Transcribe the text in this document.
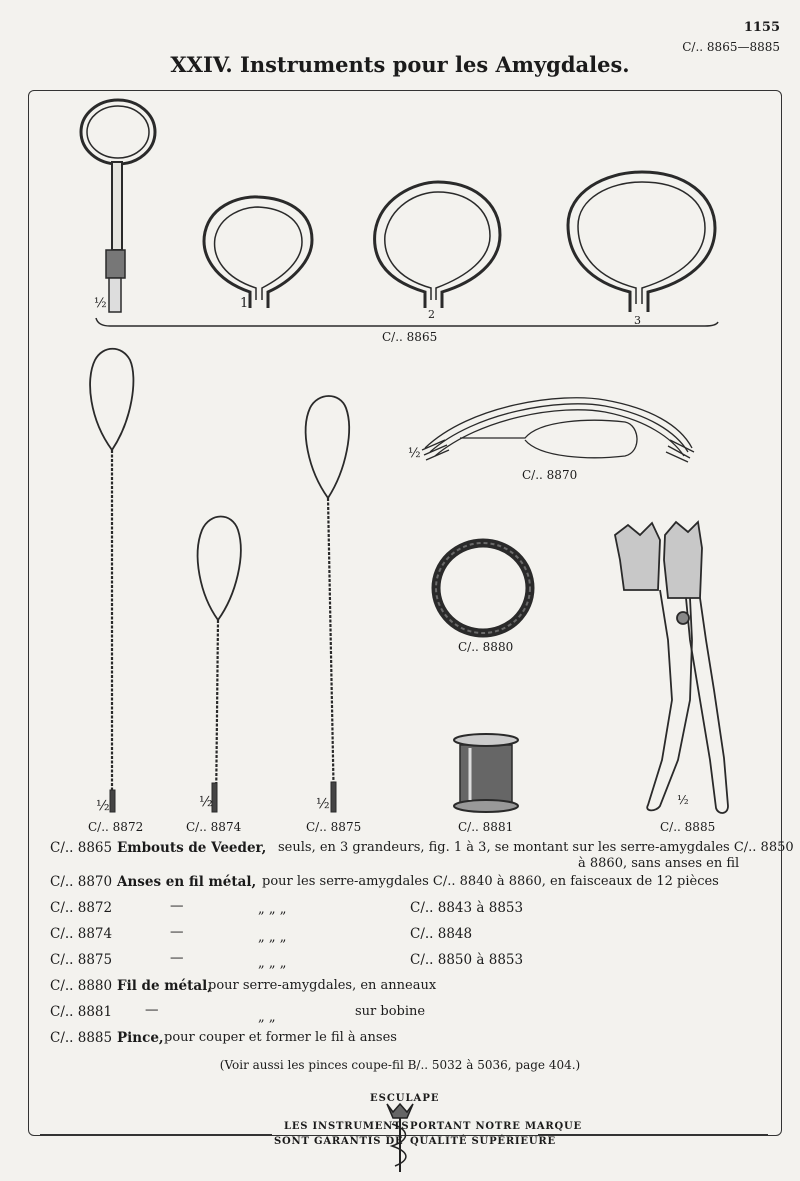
1155
C/.. 8865—8885
XXIV. Instruments pour les Amygdales.
½	1
2	3
C/.. 8865
½
C/.. 8870
C/.. 8880
½	½	½	½
C/.. 8872	C/.. 8874	C/.. 8875	C/.. 8881	C/.. 8885
C/.. 8865 Embouts de Veeder, seuls, en 3 grandeurs, fig. 1 à 3, se montant sur les serre-amygdales C/.. 8850
à 8860, sans anses en fil
C/.. 8870 Anses en fil métal, pour les serre-amygdales C/.. 8840 à 8860, en faisceaux de 12 pièces
C/.. 8872	—	„ „ „	C/.. 8843 à 8853
C/.. 8874	—	„ „ „	C/.. 8848
C/.. 8875	—	„ „ „	C/.. 8850 à 8853
C/.. 8880 Fil de métal,
pour serre-amygdales, en anneaux
C/.. 8881 —	„ „	sur bobine
C/.. 8885 Pince, pour couper et former le fil à anses
(Voir aussi les pinces coupe-fil B/.. 5032 à 5036, page 404.)
ESCULAPE
LES INSTRUMENTS
SONT GARANTIS DE
PORTANT NOTRE MARQUE
QUALITÉ SUPÉRIEURE
